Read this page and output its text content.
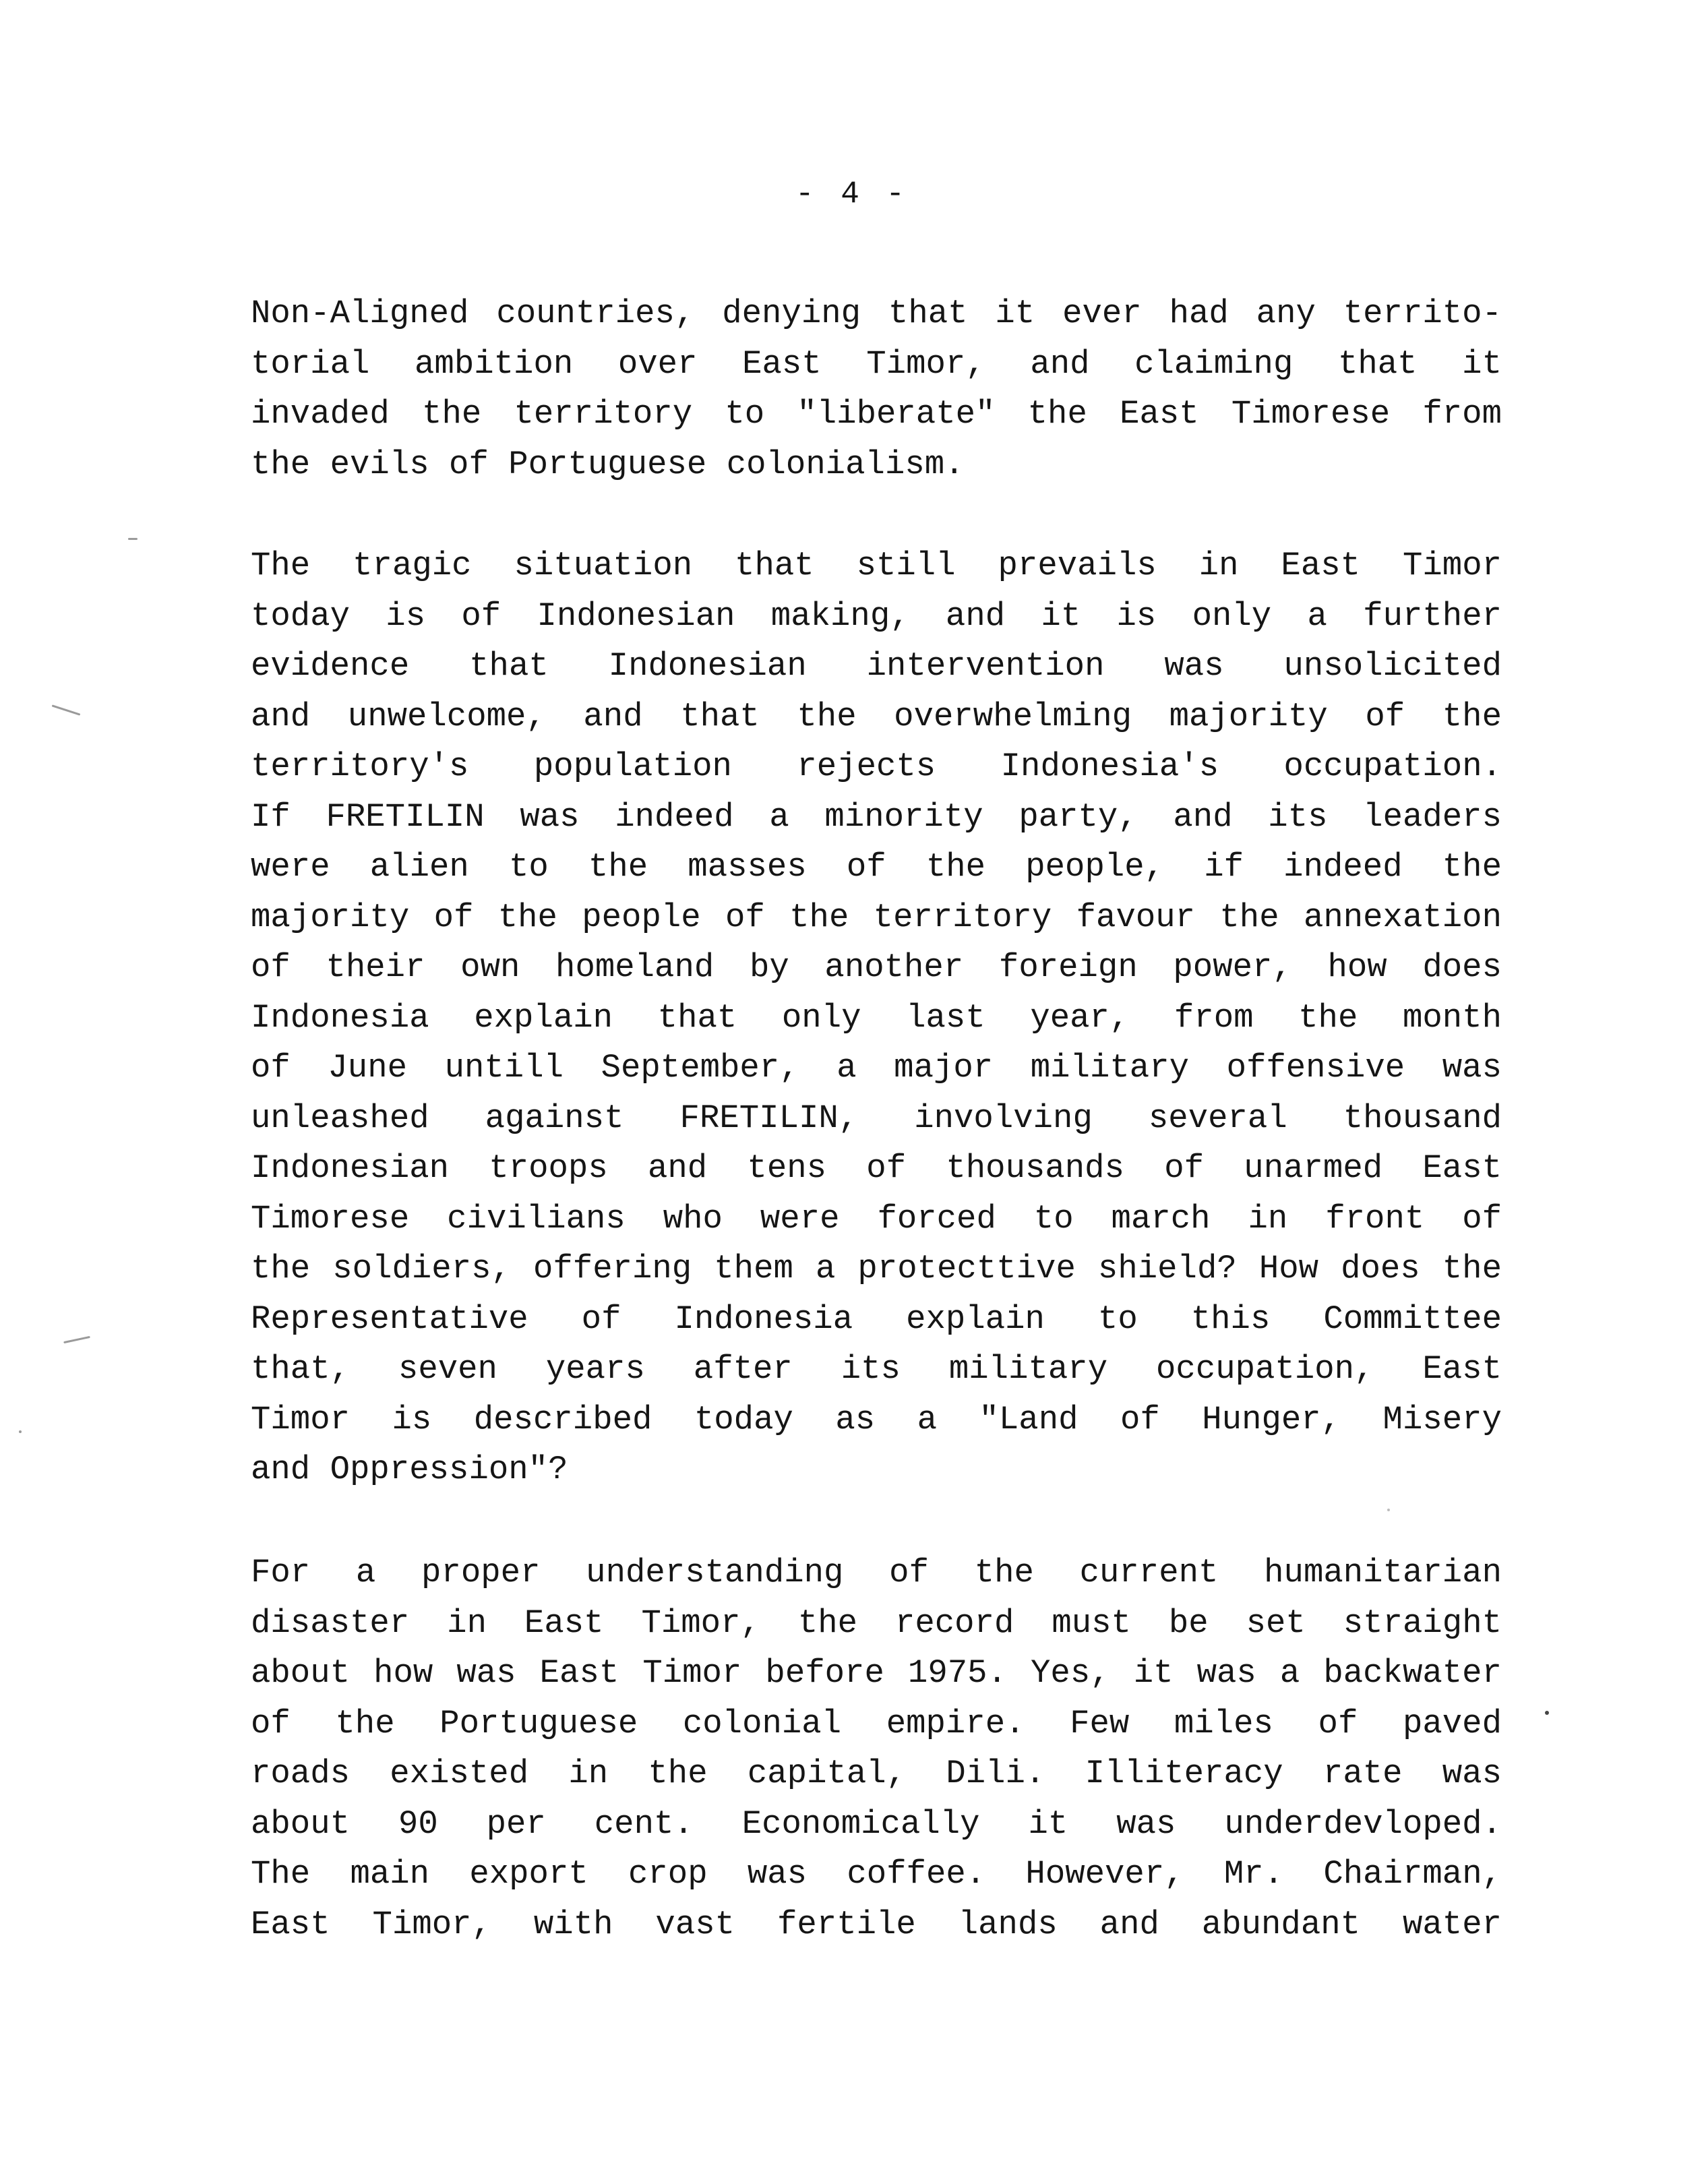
- 4 -
Non-Aligned countries, denying that it ever had any territo-
torial ambition over East Timor, and claiming that it
invaded the territory to "liberate" the East Timorese from
the evils of Portuguese colonialism.
The tragic situation that still prevails in East Timor
today is of Indonesian making, and it is only a further
evidence that Indonesian intervention was unsolicited
and unwelcome, and that the overwhelming majority of the
territory's population rejects Indonesia's occupation.
If FRETILIN was indeed a minority party, and its leaders
were alien to the masses of the people, if indeed the
majority of the people of the territory favour the annexation
of their own homeland by another foreign power, how does
Indonesia explain that only last year, from the month
of June untill September, a major military offensive was
unleashed against FRETILIN, involving several thousand
Indonesian troops and tens of thousands of unarmed East
Timorese civilians who were forced to march in front of
the soldiers, offering them a protecttive shield? How does the
Representative of Indonesia explain to this Committee
that, seven years after its military occupation, East
Timor is described today as a "Land of Hunger, Misery
and Oppression"?
For a proper understanding of the current humanitarian
disaster in East Timor, the record must be set straight
about how was East Timor before 1975. Yes, it was a backwater
of the Portuguese colonial empire. Few miles of paved
roads existed in the capital, Dili. Illiteracy rate was
about 90 per cent. Economically it was underdevloped.
The main export crop was coffee. However, Mr. Chairman,
East Timor, with vast fertile lands and abundant water
